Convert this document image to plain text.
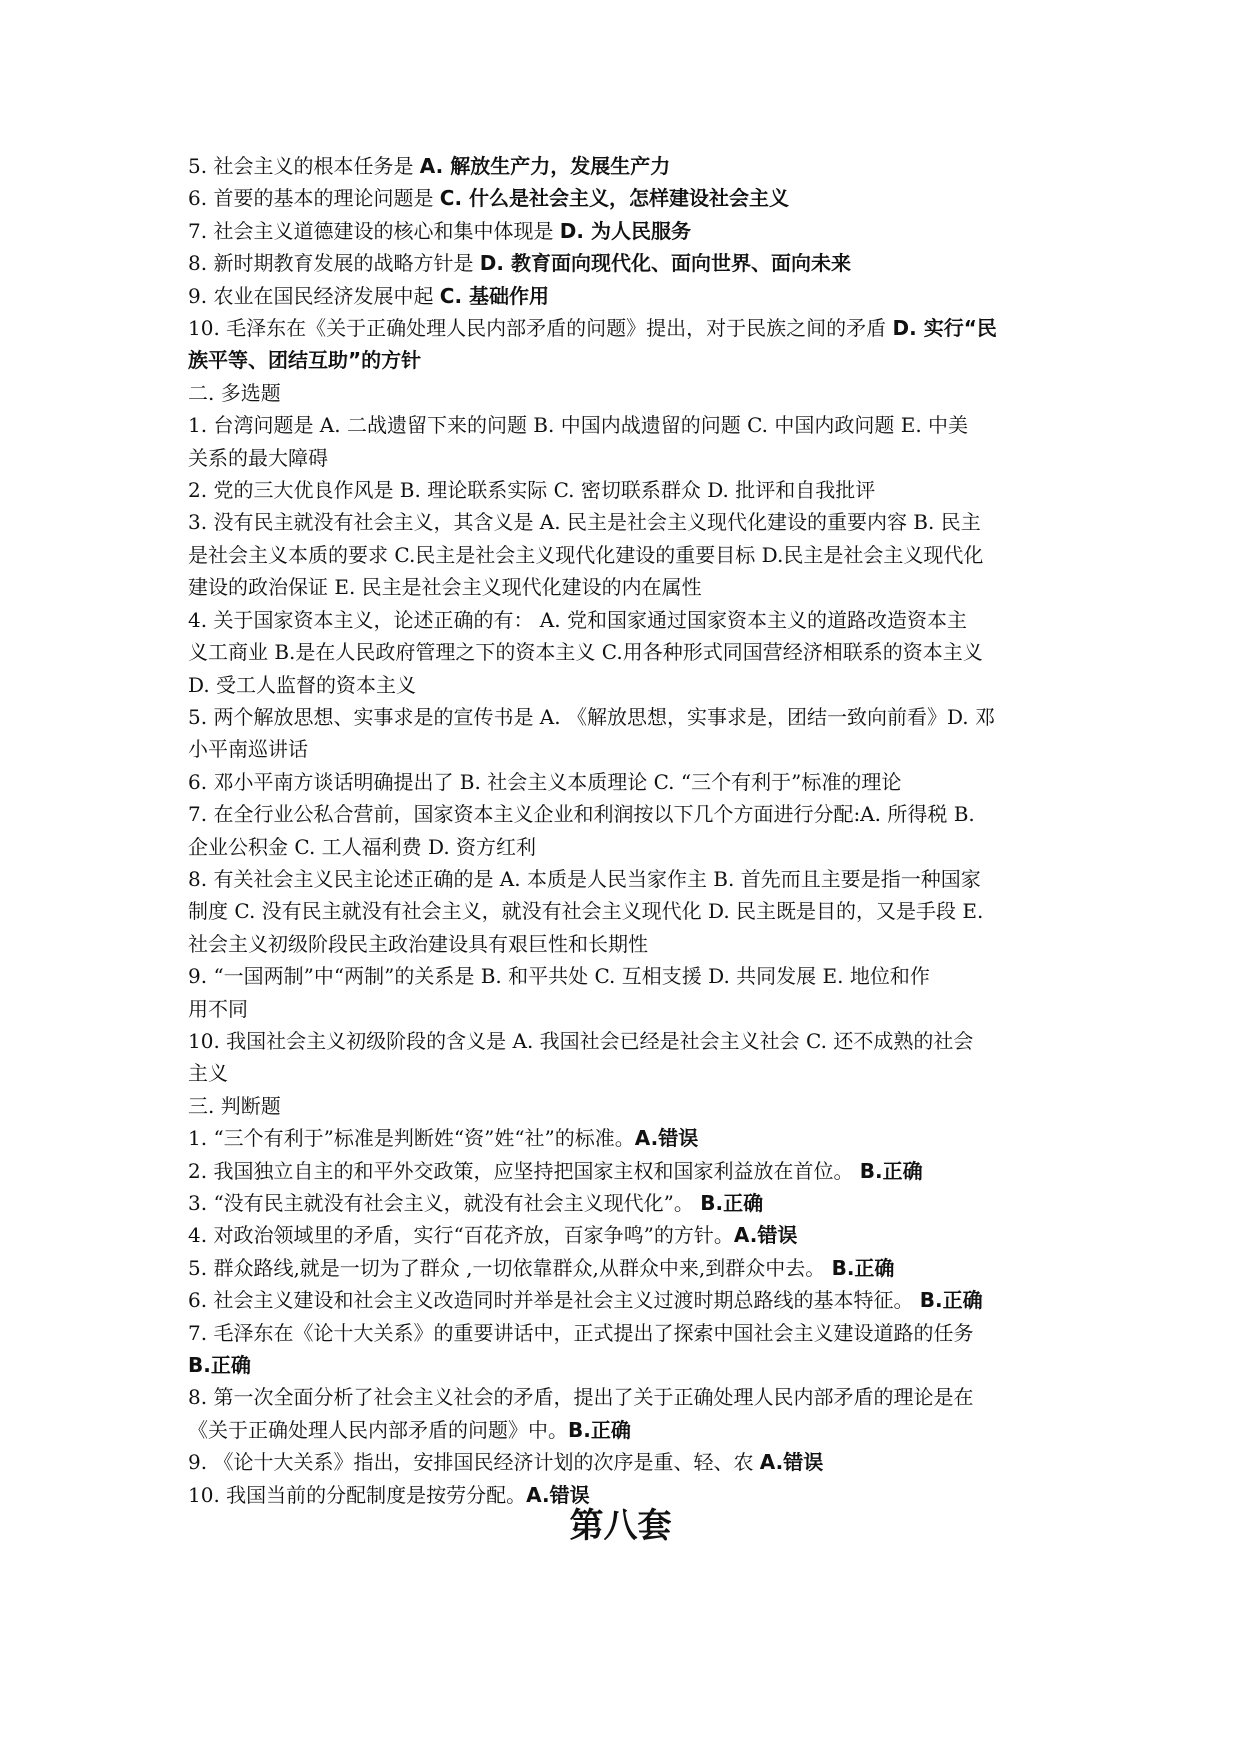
5. 社会主义的根本任务是 A. 解放生产力，发展生产力

6. 首要的基本的理论问题是 C. 什么是社会主义，怎样建设社会主义

7. 社会主义道德建设的核心和集中体现是 D. 为人民服务

8. 新时期教育发展的战略方针是 D. 教育面向现代化、面向世界、面向未来

9. 农业在国民经济发展中起 C. 基础作用

10. 毛泽东在《关于正确处理人民内部矛盾的问题》提出，对于民族之间的矛盾 D. 实行“民

族平等、团结互助”的方针

二. 多选题

1. 台湾问题是 A. 二战遗留下来的问题 B. 中国内战遗留的问题 C. 中国内政问题 E. 中美

关系的最大障碍

2. 党的三大优良作风是 B. 理论联系实际 C. 密切联系群众 D. 批评和自我批评

3. 没有民主就没有社会主义，其含义是 A. 民主是社会主义现代化建设的重要内容 B. 民主

是社会主义本质的要求 C.民主是社会主义现代化建设的重要目标 D.民主是社会主义现代化

建设的政治保证 E. 民主是社会主义现代化建设的内在属性

4. 关于国家资本主义，论述正确的有： A. 党和国家通过国家资本主义的道路改造资本主

义工商业 B.是在人民政府管理之下的资本主义 C.用各种形式同国营经济相联系的资本主义

D. 受工人监督的资本主义

5. 两个解放思想、实事求是的宣传书是 A. 《解放思想，实事求是，团结一致向前看》D. 邓

小平南巡讲话

6. 邓小平南方谈话明确提出了 B. 社会主义本质理论 C. “三个有利于”标准的理论

7. 在全行业公私合营前，国家资本主义企业和利润按以下几个方面进行分配:A. 所得税 B.

企业公积金 C. 工人福利费 D. 资方红利

8. 有关社会主义民主论述正确的是 A. 本质是人民当家作主 B. 首先而且主要是指一种国家

制度 C. 没有民主就没有社会主义，就没有社会主义现代化 D. 民主既是目的，又是手段 E.

社会主义初级阶段民主政治建设具有艰巨性和长期性

9. “一国两制”中“两制”的关系是 B. 和平共处 C. 互相支援 D. 共同发展 E. 地位和作

用不同

10. 我国社会主义初级阶段的含义是 A. 我国社会已经是社会主义社会 C. 还不成熟的社会

主义

三. 判断题

1. “三个有利于”标准是判断姓“资”姓“社”的标准。A.错误

2. 我国独立自主的和平外交政策，应坚持把国家主权和国家利益放在首位。 B.正确

3. “没有民主就没有社会主义，就没有社会主义现代化”。 B.正确

4. 对政治领域里的矛盾，实行“百花齐放，百家争鸣”的方针。A.错误

5. 群众路线,就是一切为了群众 ,一切依靠群众,从群众中来,到群众中去。 B.正确

6. 社会主义建设和社会主义改造同时并举是社会主义过渡时期总路线的基本特征。 B.正确

7. 毛泽东在《论十大关系》的重要讲话中，正式提出了探索中国社会主义建设道路的任务

B.正确

8. 第一次全面分析了社会主义社会的矛盾，提出了关于正确处理人民内部矛盾的理论是在

《关于正确处理人民内部矛盾的问题》中。B.正确

9. 《论十大关系》指出，安排国民经济计划的次序是重、轻、农 A.错误

10. 我国当前的分配制度是按劳分配。A.错误

第八套
